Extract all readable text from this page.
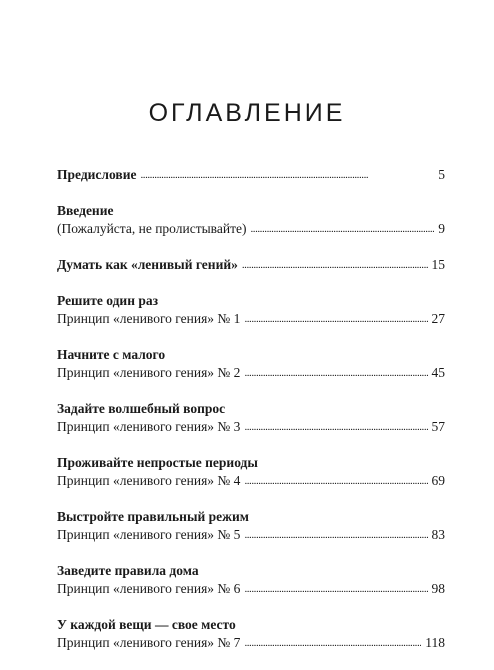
ОГЛАВЛЕНИЕ
Предисловие . . .	5
Введение
(Пожалуйста, не пролистывайте) . . .	9
Думать как «ленивый гений» . . .	15
Решите один раз
Принцип «ленивого гения» № 1 . . .	27
Начните с малого
Принцип «ленивого гения» № 2 . . .	45
Задайте волшебный вопрос
Принцип «ленивого гения» № 3 . . .	57
Проживайте непростые периоды
Принцип «ленивого гения» № 4 . . .	69
Выстройте правильный режим
Принцип «ленивого гения» № 5 . . .	83
Заведите правила дома
Принцип «ленивого гения» № 6 . . .	98
У каждой вещи — свое место
Принцип «ленивого гения» № 7 . . .	118
